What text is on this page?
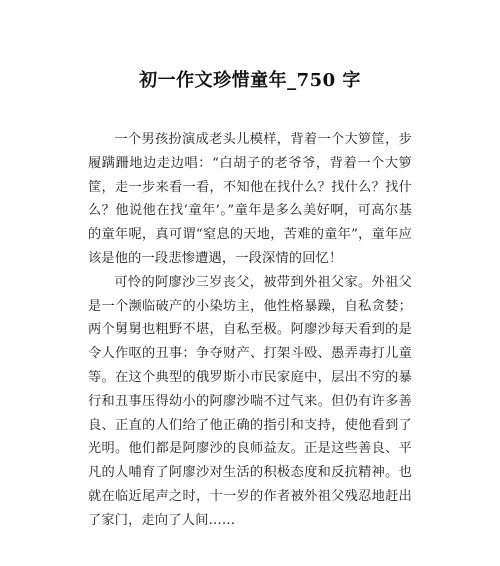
初一作文珍惜童年_750 字

一个男孩扮演成老头儿模样，背着一个大箩筐，步履蹒跚地边走边唱：“白胡子的老爷爷，背着一个大箩筐，走一步来看一看，不知他在找什么？找什么？找什么？他说他在找‘童年’。”童年是多么美好啊，可高尔基的童年呢，真可谓“窒息的天地，苦难的童年”，童年应该是他的一段悲惨遭遇，一段深情的回忆！

可怜的阿廖沙三岁丧父，被带到外祖父家。外祖父是一个濒临破产的小染坊主，他性格暴躁，自私贪婪；两个舅舅也粗野不堪，自私至极。阿廖沙每天看到的是令人作呕的丑事：争夺财产、打架斗殴、愚弄毒打儿童等。在这个典型的俄罗斯小市民家庭中，层出不穷的暴行和丑事压得幼小的阿廖沙喘不过气来。但仍有许多善良、正直的人们给了他正确的指引和支持，使他看到了光明。他们都是阿廖沙的良师益友。正是这些善良、平凡的人哺育了阿廖沙对生活的积极态度和反抗精神。也就在临近尾声之时，十一岁的作者被外祖父残忍地赶出了家门，走向了人间……
